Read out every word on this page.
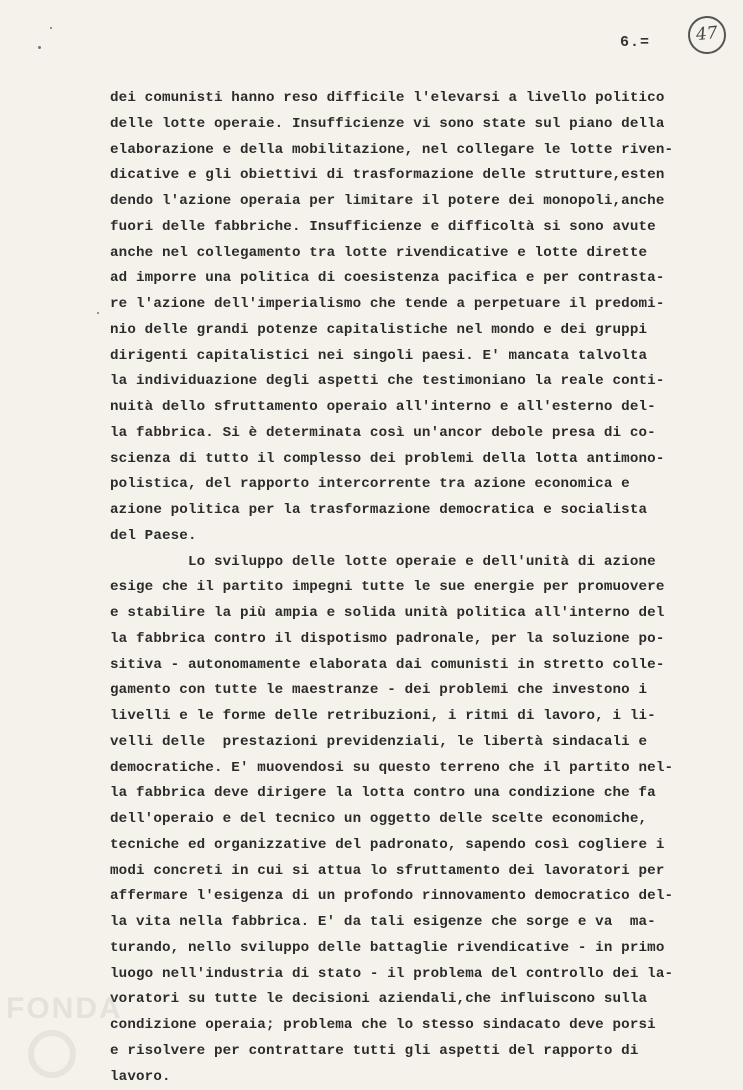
6.=	47
dei comunisti hanno reso difficile l'elevarsi a livello politico
delle lotte operaie. Insufficienze vi sono state sul piano della
elaborazione e della mobilitazione, nel collegare le lotte riven-
dicative e gli obiettivi di trasformazione delle strutture,esten
dendo l'azione operaia per limitare il potere dei monopoli,anche
fuori delle fabbriche. Insufficienze e difficoltà si sono avute
anche nel collegamento tra lotte rivendicative e lotte dirette
ad imporre una politica di coesistenza pacifica e per contrasta-
re l'azione dell'imperialismo che tende a perpetuare il predomi-
nio delle grandi potenze capitalistiche nel mondo e dei gruppi
dirigenti capitalistici nei singoli paesi. E' mancata talvolta
la individuazione degli aspetti che testimoniano la reale conti-
nuità dello sfruttamento operaio all'interno e all'esterno del-
la fabbrica. Si è determinata così un'ancor debole presa di co-
scienza di tutto il complesso dei problemi della lotta antimono-
polistica, del rapporto intercorrente tra azione economica e
azione politica per la trasformazione democratica e socialista
del Paese.
Lo sviluppo delle lotte operaie e dell'unità di azione
esige che il partito impegni tutte le sue energie per promuovere
e stabilire la più ampia e solida unità politica all'interno del
la fabbrica contro il dispotismo padronale, per la soluzione po-
sitiva - autonomamente elaborata dai comunisti in stretto colle-
gamento con tutte le maestranze - dei problemi che investono i
livelli e le forme delle retribuzioni, i ritmi di lavoro, i li-
velli delle  prestazioni previdenziali, le libertà sindacali e
democratiche. E' muovendosi su questo terreno che il partito nel-
la fabbrica deve dirigere la lotta contro una condizione che fa
dell'operaio e del tecnico un oggetto delle scelte economiche,
tecniche ed organizzative del padronato, sapendo così cogliere i
modi concreti in cui si attua lo sfruttamento dei lavoratori per
affermare l'esigenza di un profondo rinnovamento democratico del-
la vita nella fabbrica. E' da tali esigenze che sorge e va  ma-
turando, nello sviluppo delle battaglie rivendicative - in primo
luogo nell'industria di stato - il problema del controllo dei la-
voratori su tutte le decisioni aziendali,che influiscono sulla
condizione operaia; problema che lo stesso sindacato deve porsi
e risolvere per contrattare tutti gli aspetti del rapporto di
lavoro.
FONDA
